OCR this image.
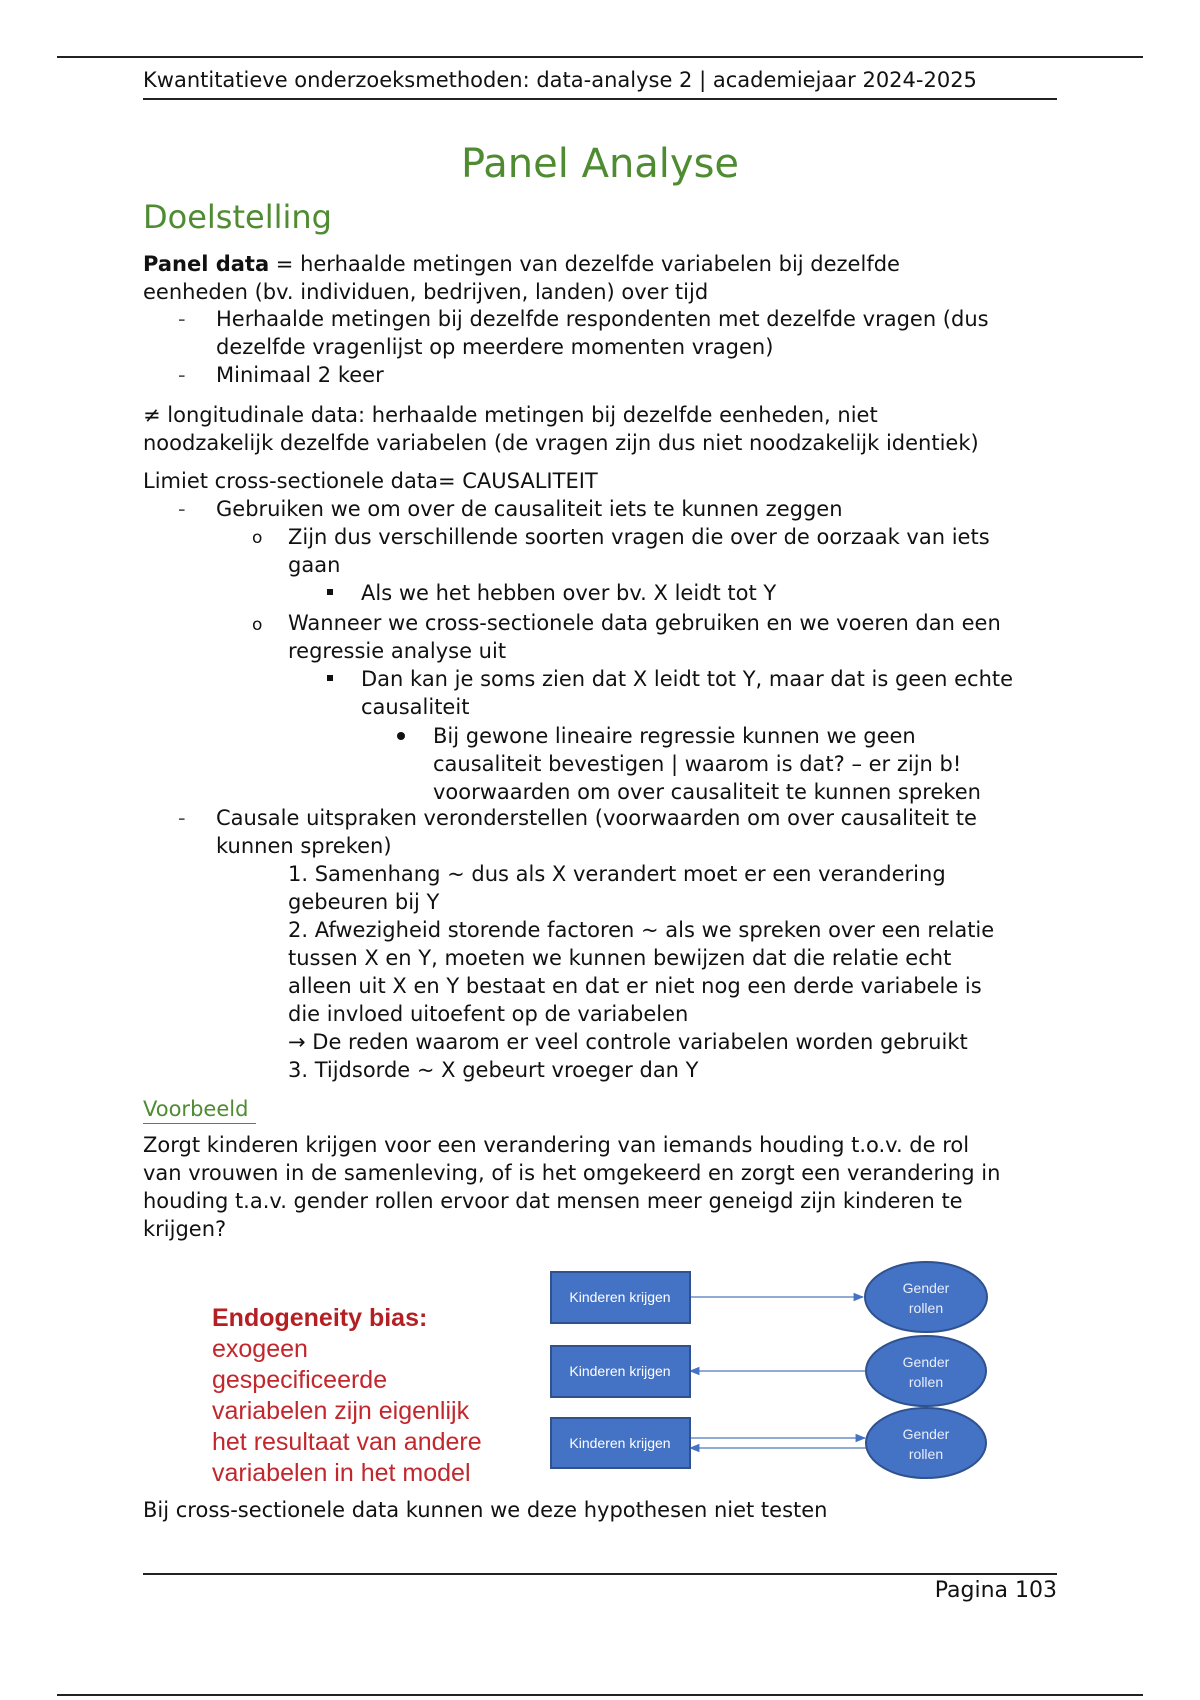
Kwantitatieve onderzoeksmethoden: data-analyse 2 | academiejaar 2024-2025
Panel Analyse
Doelstelling
Panel data = herhaalde metingen van dezelfde variabelen bij dezelfde
eenheden (bv. individuen, bedrijven, landen) over tijd
- Herhaalde metingen bij dezelfde respondenten met dezelfde vragen (dus
dezelfde vragenlijst op meerdere momenten vragen)
- Minimaal 2 keer
≠ longitudinale data: herhaalde metingen bij dezelfde eenheden, niet
noodzakelijk dezelfde variabelen (de vragen zijn dus niet noodzakelijk identiek)
Limiet cross-sectionele data= CAUSALITEIT
- Gebruiken we om over de causaliteit iets te kunnen zeggen
o Zijn dus verschillende soorten vragen die over de oorzaak van iets
gaan
Als we het hebben over bv. X leidt tot Y
o Wanneer we cross-sectionele data gebruiken en we voeren dan een
regressie analyse uit
Dan kan je soms zien dat X leidt tot Y, maar dat is geen echte
causaliteit
Bij gewone lineaire regressie kunnen we geen
causaliteit bevestigen | waarom is dat? – er zijn b!
voorwaarden om over causaliteit te kunnen spreken
- Causale uitspraken veronderstellen (voorwaarden om over causaliteit te
kunnen spreken)
1. Samenhang ~ dus als X verandert moet er een verandering
gebeuren bij Y
2. Afwezigheid storende factoren ~ als we spreken over een relatie
tussen X en Y, moeten we kunnen bewijzen dat die relatie echt
alleen uit X en Y bestaat en dat er niet nog een derde variabele is
die invloed uitoefent op de variabelen
→ De reden waarom er veel controle variabelen worden gebruikt
3. Tijdsorde ~ X gebeurt vroeger dan Y
Voorbeeld
Zorgt kinderen krijgen voor een verandering van iemands houding t.o.v. de rol
van vrouwen in de samenleving, of is het omgekeerd en zorgt een verandering in
houding t.a.v. gender rollen ervoor dat mensen meer geneigd zijn kinderen te
krijgen?
Endogeneity bias:
exogeen
gespecificeerde
variabelen zijn eigenlijk
het resultaat van andere
variabelen in het model
Kinderen krijgen
Gender
rollen
Kinderen krijgen
Gender
rollen
Kinderen krijgen
Gender
rollen
Bij cross-sectionele data kunnen we deze hypothesen niet testen
Pagina 103
